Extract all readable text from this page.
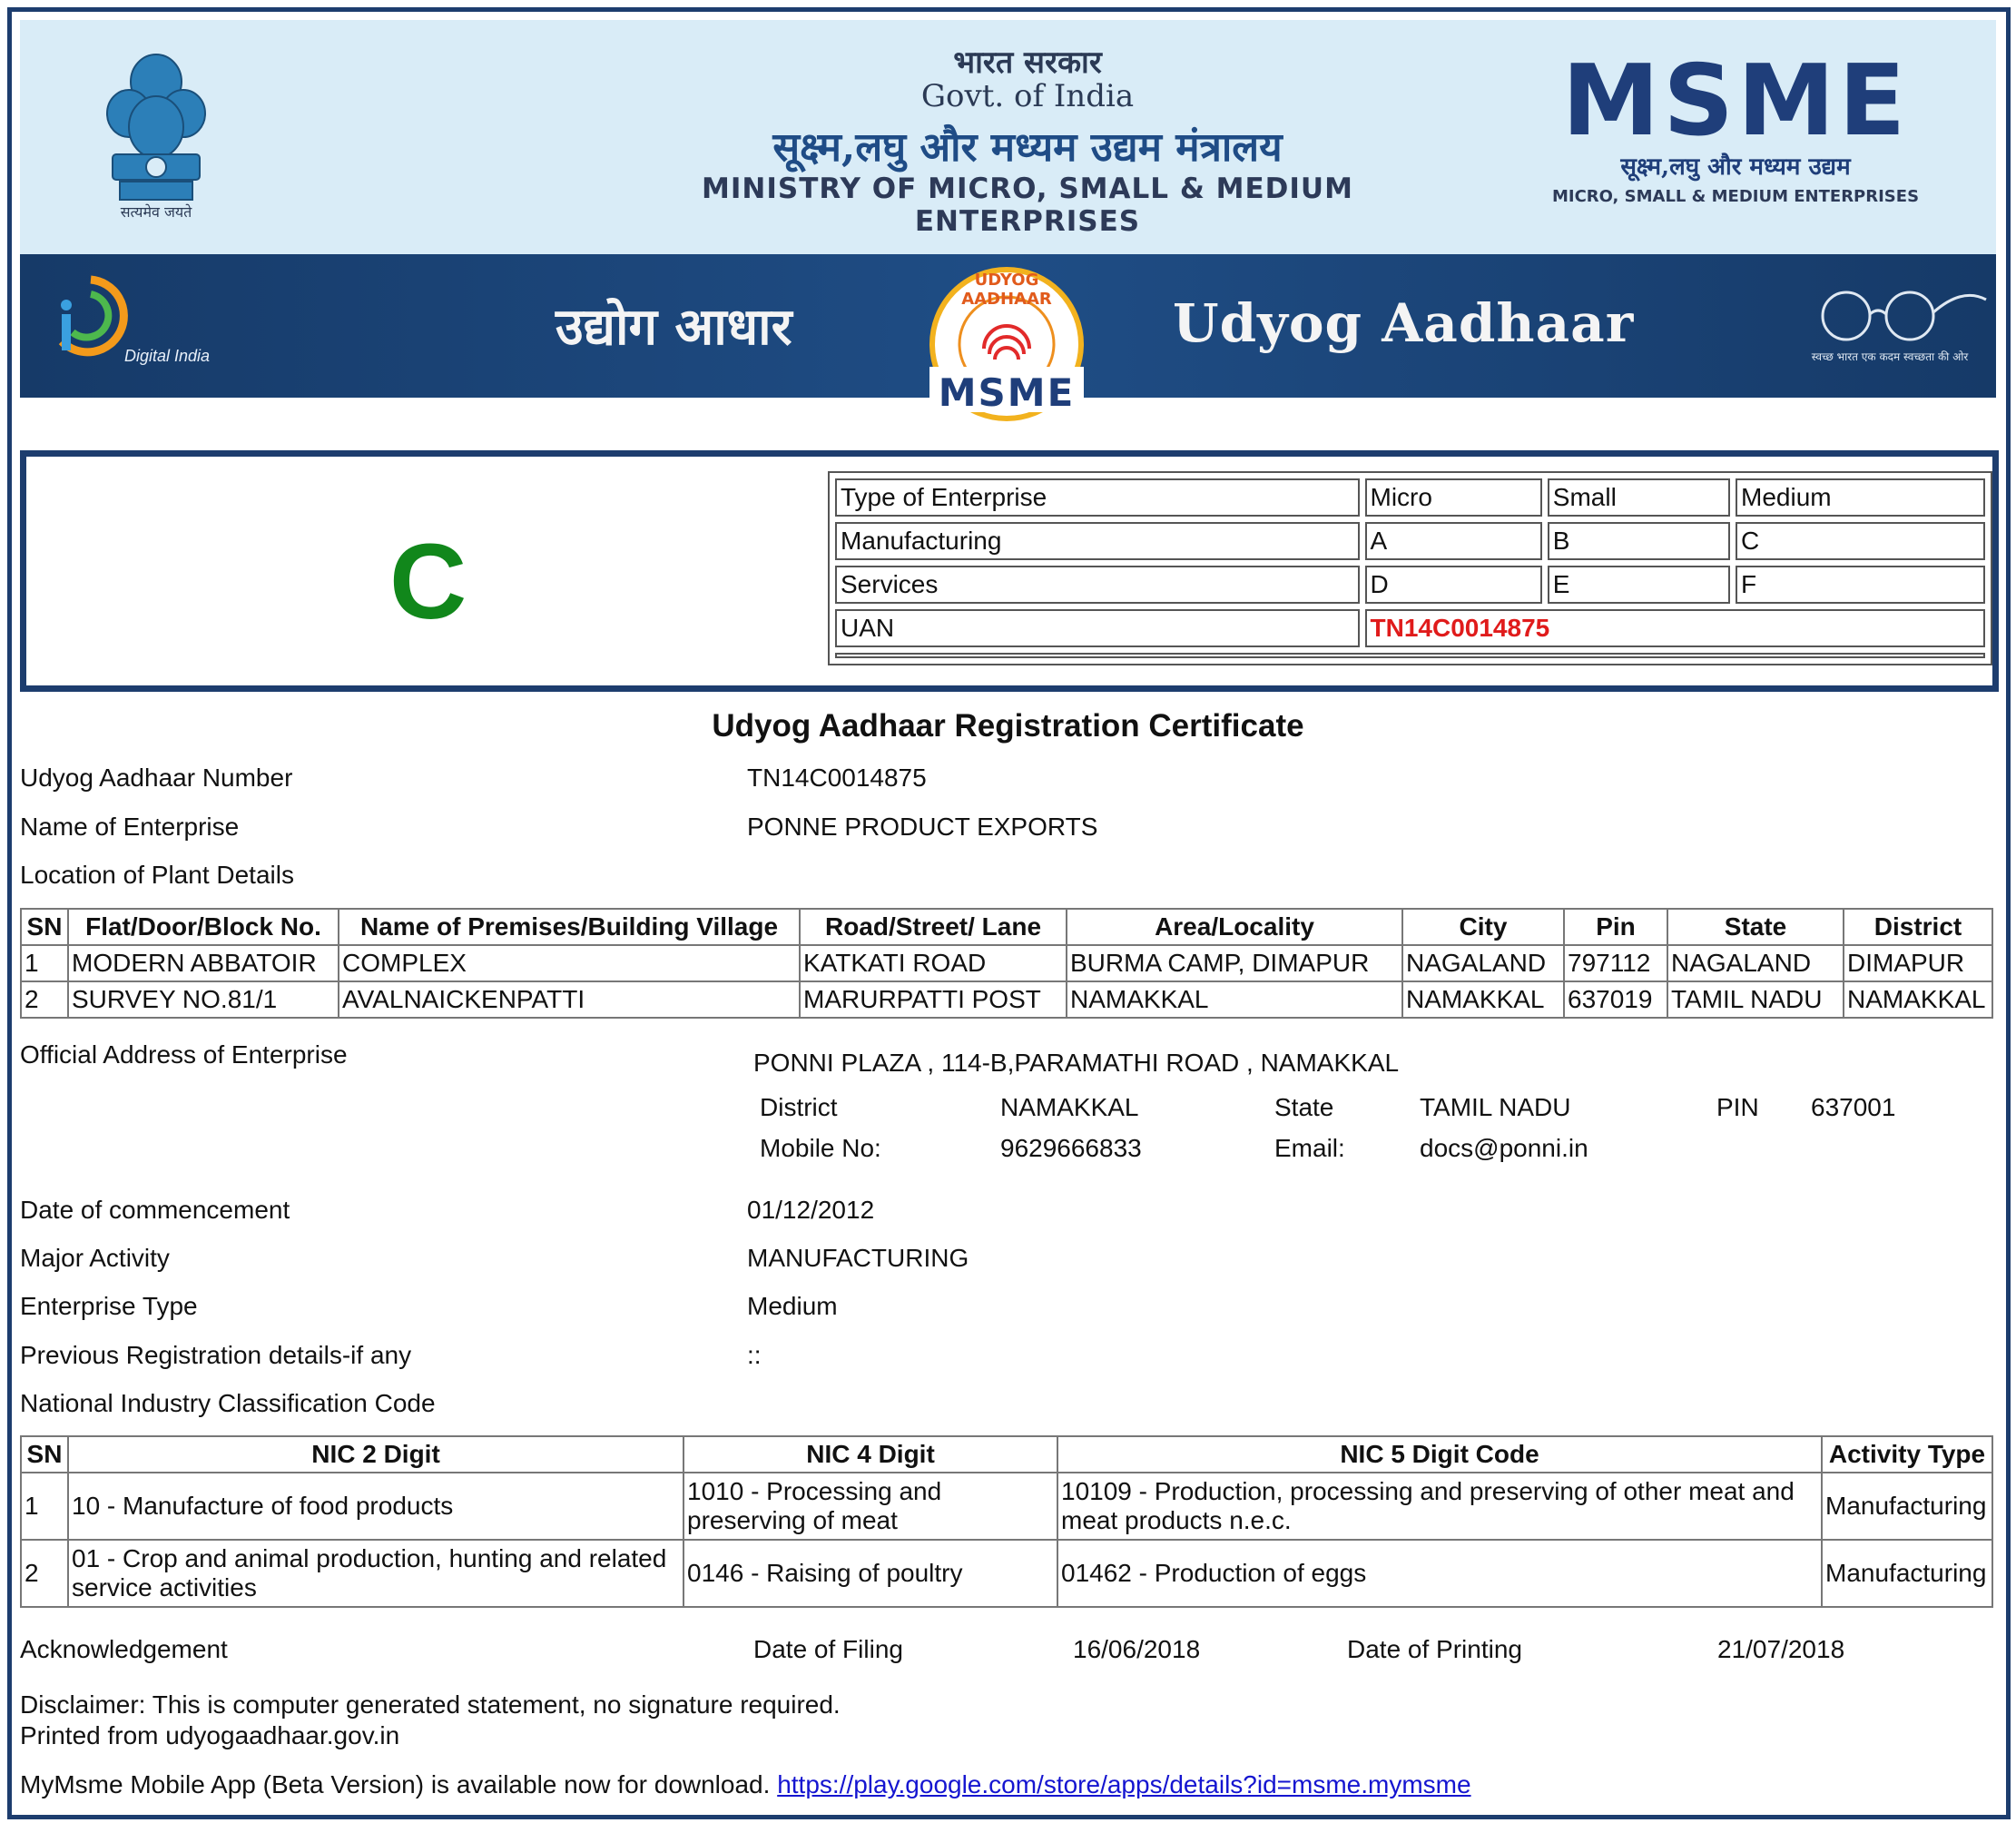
सत्यमेव जयते
भारत सरकार
Govt. of India
सूक्ष्म,लघु और मध्यम उद्यम मंत्रालय
MINISTRY OF MICRO, SMALL & MEDIUM ENTERPRISES
MSME
सूक्ष्म,लघु और मध्यम उद्यम
MICRO, SMALL & MEDIUM ENTERPRISES
Digital India	उद्योग आधार
UDYOG AADHAAR
MSME
Udyog Aadhaar
स्वच्छ भारत एक कदम स्वच्छता की ओर
C
Type of Enterprise	Micro	Small	Medium
Manufacturing	A	B	C
Services	D	E	F
UAN	TN14C0014875		

Udyog Aadhaar Registration Certificate
Udyog Aadhaar Number	TN14C0014875
Name of Enterprise	PONNE PRODUCT EXPORTS
Location of Plant Details
SN	Flat/Door/Block No.	Name of Premises/Building Village	Road/Street/ Lane	Area/Locality	City	Pin	State	District
1	MODERN ABBATOIR	COMPLEX	KATKATI ROAD	BURMA CAMP, DIMAPUR	NAGALAND	797112	NAGALAND	DIMAPUR
2	SURVEY NO.81/1	AVALNAICKENPATTI	MARURPATTI POST	NAMAKKAL	NAMAKKAL	637019	TAMIL NADU	NAMAKKAL
Official Address of Enterprise	PONNI PLAZA , 114-B,PARAMATHI ROAD , NAMAKKAL
District	NAMAKKAL	State	TAMIL NADU	PIN 637001
Mobile No:	9629666833	Email:	docs@ponni.in
Date of commencement	01/12/2012
Major Activity	MANUFACTURING
Enterprise Type	Medium
Previous Registration details-if any	::
National Industry Classification Code
SN	NIC 2 Digit	NIC 4 Digit	NIC 5 Digit Code	Activity Type
1	10 - Manufacture of food products	1010 - Processing and preserving of meat	10109 - Production, processing and preserving of other meat and meat products n.e.c.	Manufacturing
2	01 - Crop and animal production, hunting and related service activities	0146 - Raising of poultry	01462 - Production of eggs	Manufacturing
Acknowledgement	Date of Filing	16/06/2018	Date of Printing	21/07/2018
Disclaimer: This is computer generated statement, no signature required.
Printed from udyogaadhaar.gov.in
MyMsme Mobile App (Beta Version) is available now for download. https://play.google.com/store/apps/details?id=msme.mymsme
